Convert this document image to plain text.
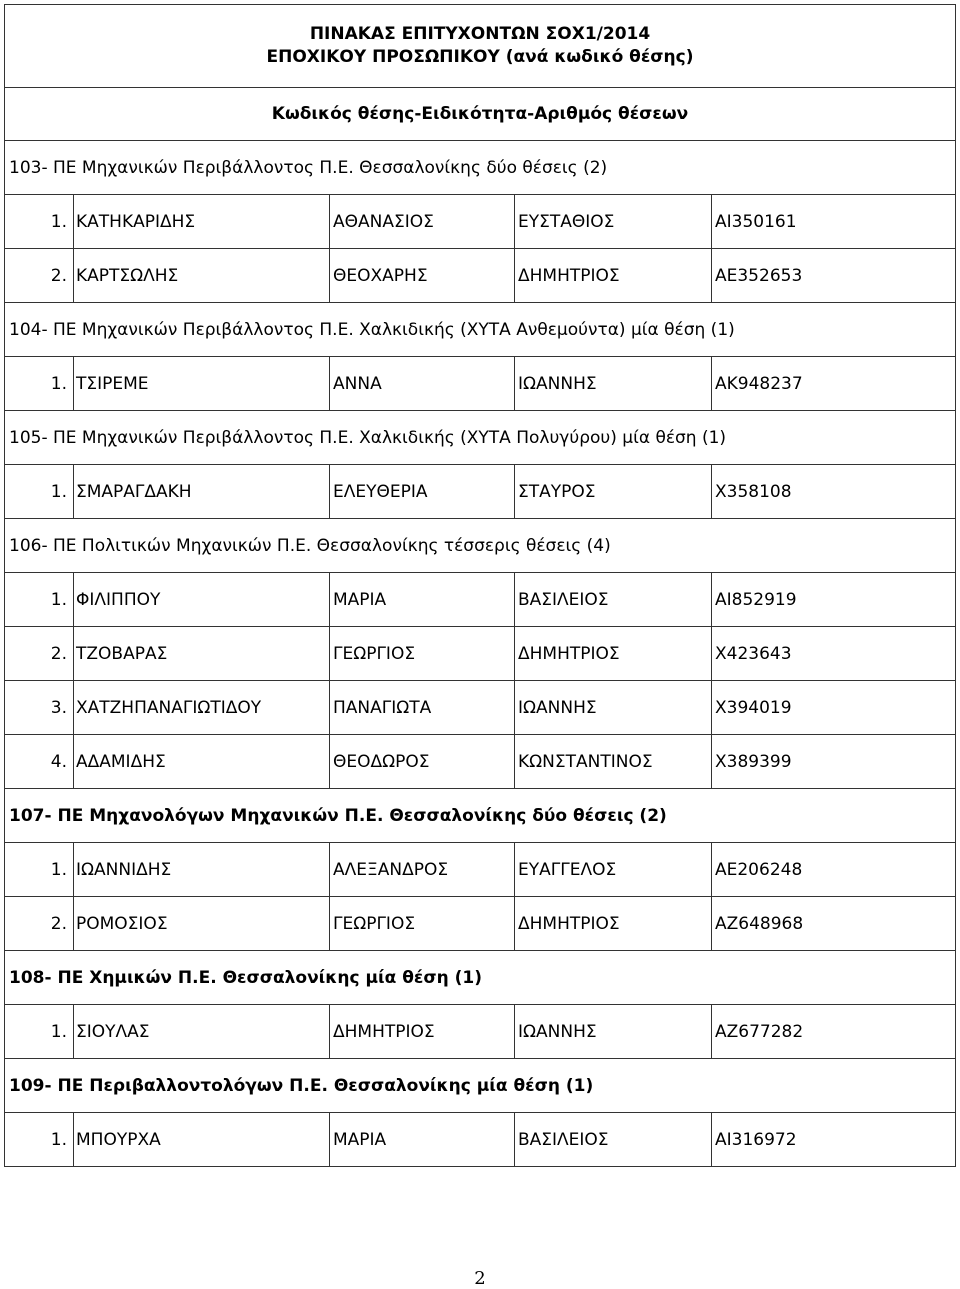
ΠΙΝΑΚΑΣ ΕΠΙΤΥΧΟΝΤΩΝ ΣΟΧ1/2014
ΕΠΟΧΙΚΟΥ ΠΡΟΣΩΠΙΚΟΥ (ανά κωδικό θέσης)				

Κωδικός θέσης-Ειδικότητα-Αριθμός θέσεων				
103- ΠΕ Μηχανικών Περιβάλλοντος Π.Ε. Θεσσαλονίκης δύο θέσεις (2)				
1.	ΚΑΤΗΚΑΡΙΔΗΣ	ΑΘΑΝΑΣΙΟΣ	ΕΥΣΤΑΘΙΟΣ	ΑΙ350161
2.	ΚΑΡΤΣΩΛΗΣ	ΘΕΟΧΑΡΗΣ	ΔΗΜΗΤΡΙΟΣ	ΑΕ352653
104- ΠΕ Μηχανικών Περιβάλλοντος Π.Ε. Χαλκιδικής (ΧΥΤΑ Ανθεμούντα) μία θέση (1)				
1.	ΤΣΙΡΕΜΕ	ΑΝΝΑ	ΙΩΑΝΝΗΣ	ΑΚ948237
105- ΠΕ Μηχανικών Περιβάλλοντος Π.Ε. Χαλκιδικής (ΧΥΤΑ Πολυγύρου) μία θέση (1)				
1.	ΣΜΑΡΑΓΔΑΚΗ	ΕΛΕΥΘΕΡΙΑ	ΣΤΑΥΡΟΣ	Χ358108
106- ΠΕ Πολιτικών Μηχανικών Π.Ε. Θεσσαλονίκης τέσσερις θέσεις (4)				
1.	ΦΙΛΙΠΠΟΥ	ΜΑΡΙΑ	ΒΑΣΙΛΕΙΟΣ	ΑΙ852919
2.	ΤΖΟΒΑΡΑΣ	ΓΕΩΡΓΙΟΣ	ΔΗΜΗΤΡΙΟΣ	Χ423643
3.	ΧΑΤΖΗΠΑΝΑΓΙΩΤΙΔΟΥ	ΠΑΝΑΓΙΩΤΑ	ΙΩΑΝΝΗΣ	Χ394019
4.	ΑΔΑΜΙΔΗΣ	ΘΕΟΔΩΡΟΣ	ΚΩΝΣΤΑΝΤΙΝΟΣ	Χ389399
107- ΠΕ Μηχανολόγων Μηχανικών Π.Ε. Θεσσαλονίκης δύο θέσεις (2)				
1.	ΙΩΑΝΝΙΔΗΣ	ΑΛΕΞΑΝΔΡΟΣ	ΕΥΑΓΓΕΛΟΣ	ΑΕ206248
2.	ΡΟΜΟΣΙΟΣ	ΓΕΩΡΓΙΟΣ	ΔΗΜΗΤΡΙΟΣ	ΑΖ648968
108- ΠΕ Χημικών Π.Ε. Θεσσαλονίκης μία θέση (1)				
1.	ΣΙΟΥΛΑΣ	ΔΗΜΗΤΡΙΟΣ	ΙΩΑΝΝΗΣ	ΑΖ677282
109- ΠΕ Περιβαλλοντολόγων Π.Ε. Θεσσαλονίκης μία θέση (1)				
1.	ΜΠΟΥΡΧΑ	ΜΑΡΙΑ	ΒΑΣΙΛΕΙΟΣ	ΑΙ316972
2
